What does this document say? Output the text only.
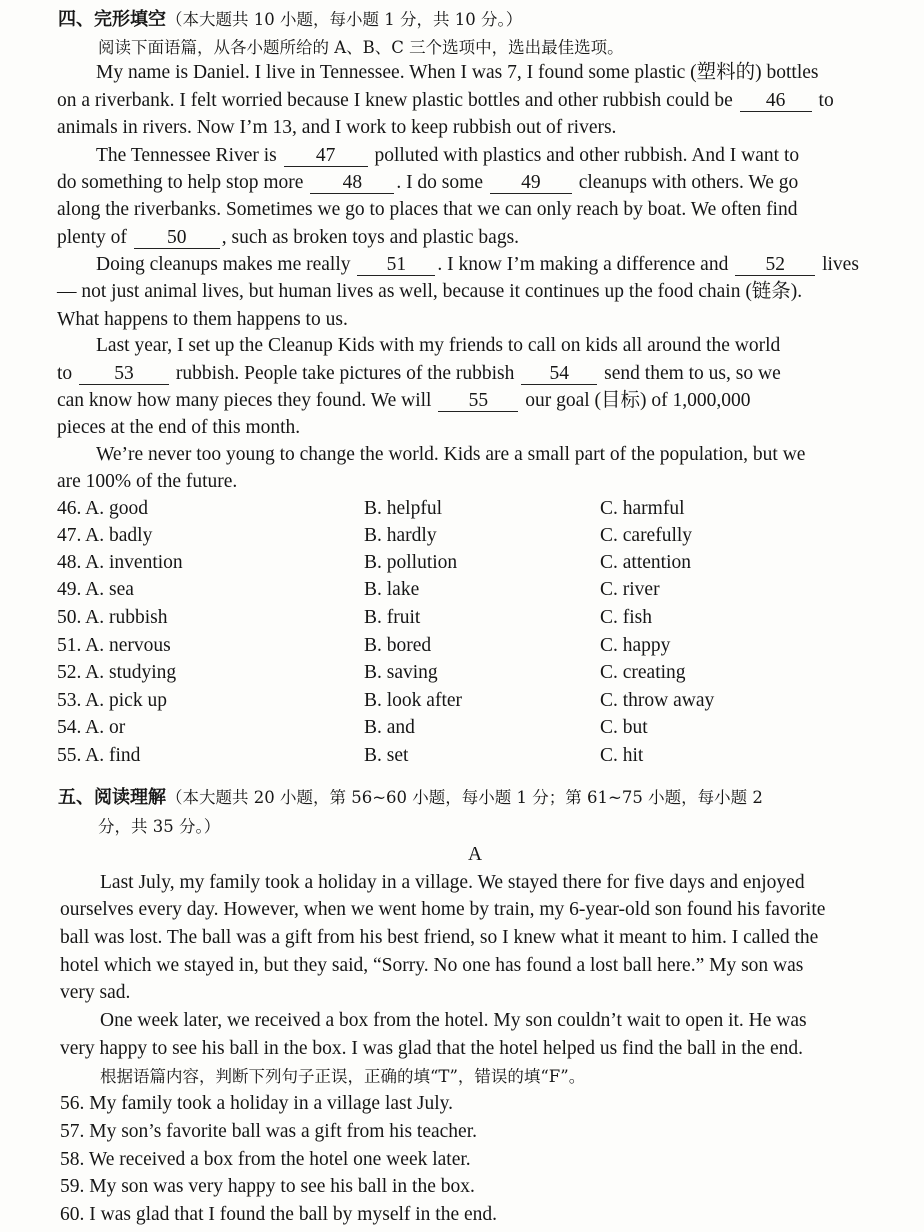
四、完形填空（本大题共 10 小题，每小题 1 分，共 10 分。）
阅读下面语篇，从各小题所给的 A、B、C 三个选项中，选出最佳选项。
My name is Daniel. I live in Tennessee. When I was 7, I found some plastic (塑料的) bottles
on a riverbank. I felt worried because I knew plastic bottles and other rubbish could be 46 to
animals in rivers. Now I’m 13, and I work to keep rubbish out of rivers.
The Tennessee River is 47 polluted with plastics and other rubbish. And I want to
do something to help stop more 48 . I do some 49 cleanups with others. We go
along the riverbanks. Sometimes we go to places that we can only reach by boat. We often find
plenty of 50 , such as broken toys and plastic bags.
Doing cleanups makes me really 51 . I know I’m making a difference and 52 lives
— not just animal lives, but human lives as well, because it continues up the food chain (链条).
What happens to them happens to us.
Last year, I set up the Cleanup Kids with my friends to call on kids all around the world
to 53 rubbish. People take pictures of the rubbish 54 send them to us, so we
can know how many pieces they found. We will 55 our goal (目标) of 1,000,000
pieces at the end of this month.
We’re never too young to change the world. Kids are a small part of the population, but we
are 100% of the future.
46. A. good	B. helpful	C. harmful
47. A. badly	B. hardly	C. carefully
48. A. invention	B. pollution	C. attention
49. A. sea	B. lake	C. river
50. A. rubbish	B. fruit	C. fish
51. A. nervous	B. bored	C. happy
52. A. studying	B. saving	C. creating
53. A. pick up	B. look after	C. throw away
54. A. or	B. and	C. but
55. A. find	B. set	C. hit
五、阅读理解（本大题共 20 小题，第 56~60 小题，每小题 1 分；第 61~75 小题，每小题 2
分，共 35 分。）
A
Last July, my family took a holiday in a village. We stayed there for five days and enjoyed
ourselves every day. However, when we went home by train, my 6-year-old son found his favorite
ball was lost. The ball was a gift from his best friend, so I knew what it meant to him. I called the
hotel which we stayed in, but they said, “Sorry. No one has found a lost ball here.” My son was
very sad.
One week later, we received a box from the hotel. My son couldn’t wait to open it. He was
very happy to see his ball in the box. I was glad that the hotel helped us find the ball in the end.
根据语篇内容，判断下列句子正误，正确的填“T”，错误的填“F”。
56. My family took a holiday in a village last July.
57. My son’s favorite ball was a gift from his teacher.
58. We received a box from the hotel one week later.
59. My son was very happy to see his ball in the box.
60. I was glad that I found the ball by myself in the end.
